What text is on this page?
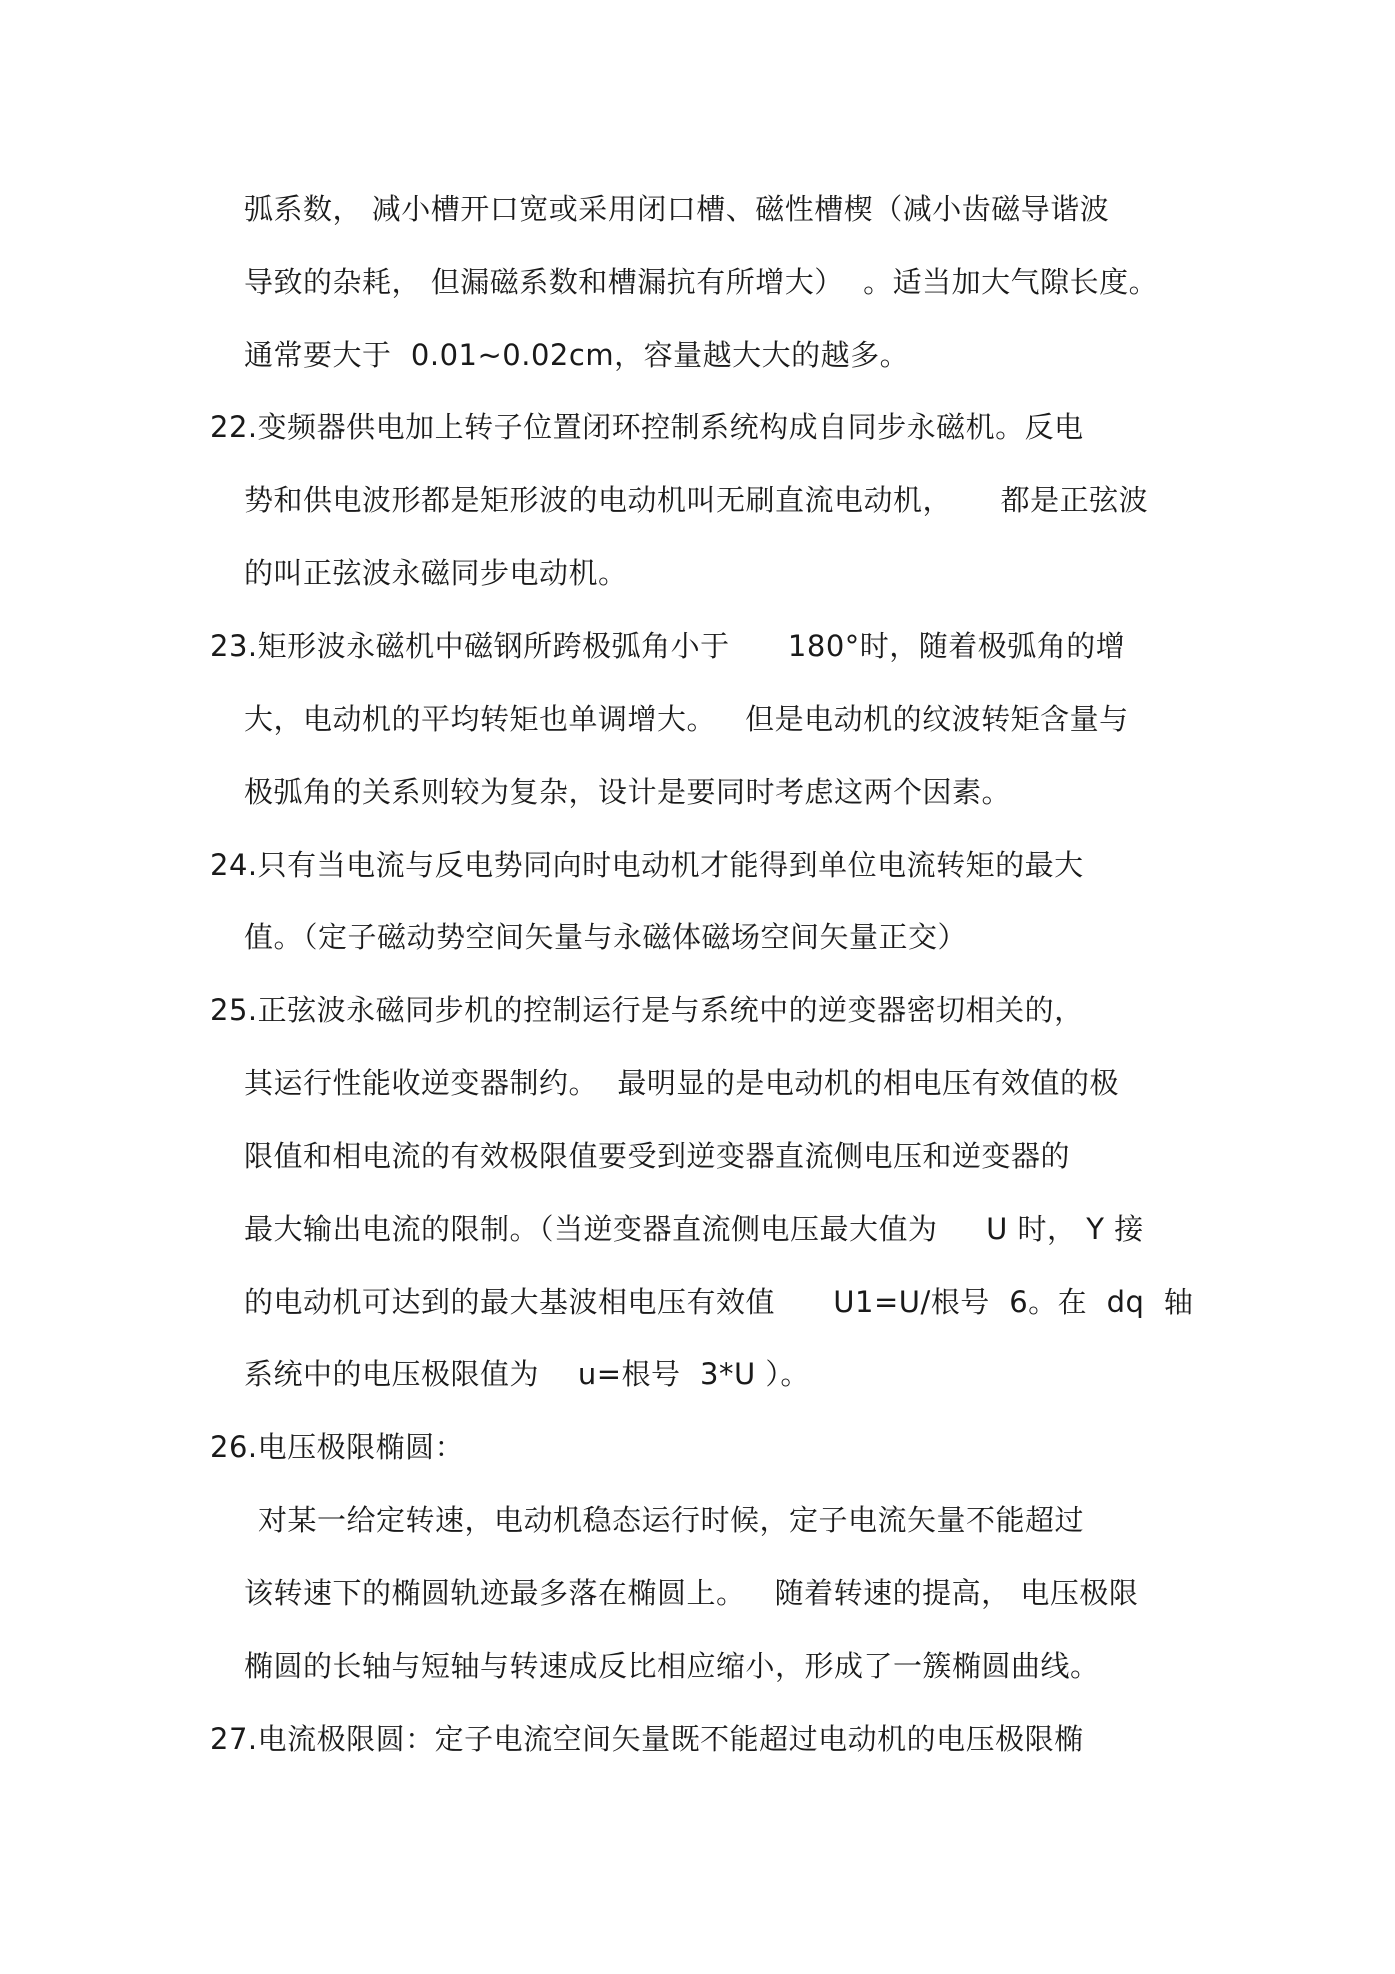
弧系数， 减小槽开口宽或采用闭口槽、磁性槽楔（减小齿磁导谐波
导致的杂耗， 但漏磁系数和槽漏抗有所增大）  。适当加大气隙长度。
通常要大于  0.01~0.02cm，容量越大大的越多。
22.变频器供电加上转子位置闭环控制系统构成自同步永磁机。反电
势和供电波形都是矩形波的电动机叫无刷直流电动机，     都是正弦波
的叫正弦波永磁同步电动机。
23.矩形波永磁机中磁钢所跨极弧角小于      180°时，随着极弧角的增
大，电动机的平均转矩也单调增大。   但是电动机的纹波转矩含量与
极弧角的关系则较为复杂，设计是要同时考虑这两个因素。
24.只有当电流与反电势同向时电动机才能得到单位电流转矩的最大
值。（定子磁动势空间矢量与永磁体磁场空间矢量正交）
25.正弦波永磁同步机的控制运行是与系统中的逆变器密切相关的，
其运行性能收逆变器制约。  最明显的是电动机的相电压有效值的极
限值和相电流的有效极限值要受到逆变器直流侧电压和逆变器的
最大输出电流的限制。（当逆变器直流侧电压最大值为     U 时， Y 接
的电动机可达到的最大基波相电压有效值      U1=U/根号  6。在  dq  轴
系统中的电压极限值为    u=根号  3*U ）。
26.电压极限椭圆：
对某一给定转速，电动机稳态运行时候，定子电流矢量不能超过
该转速下的椭圆轨迹最多落在椭圆上。   随着转速的提高， 电压极限
椭圆的长轴与短轴与转速成反比相应缩小，形成了一簇椭圆曲线。
27.电流极限圆：定子电流空间矢量既不能超过电动机的电压极限椭
